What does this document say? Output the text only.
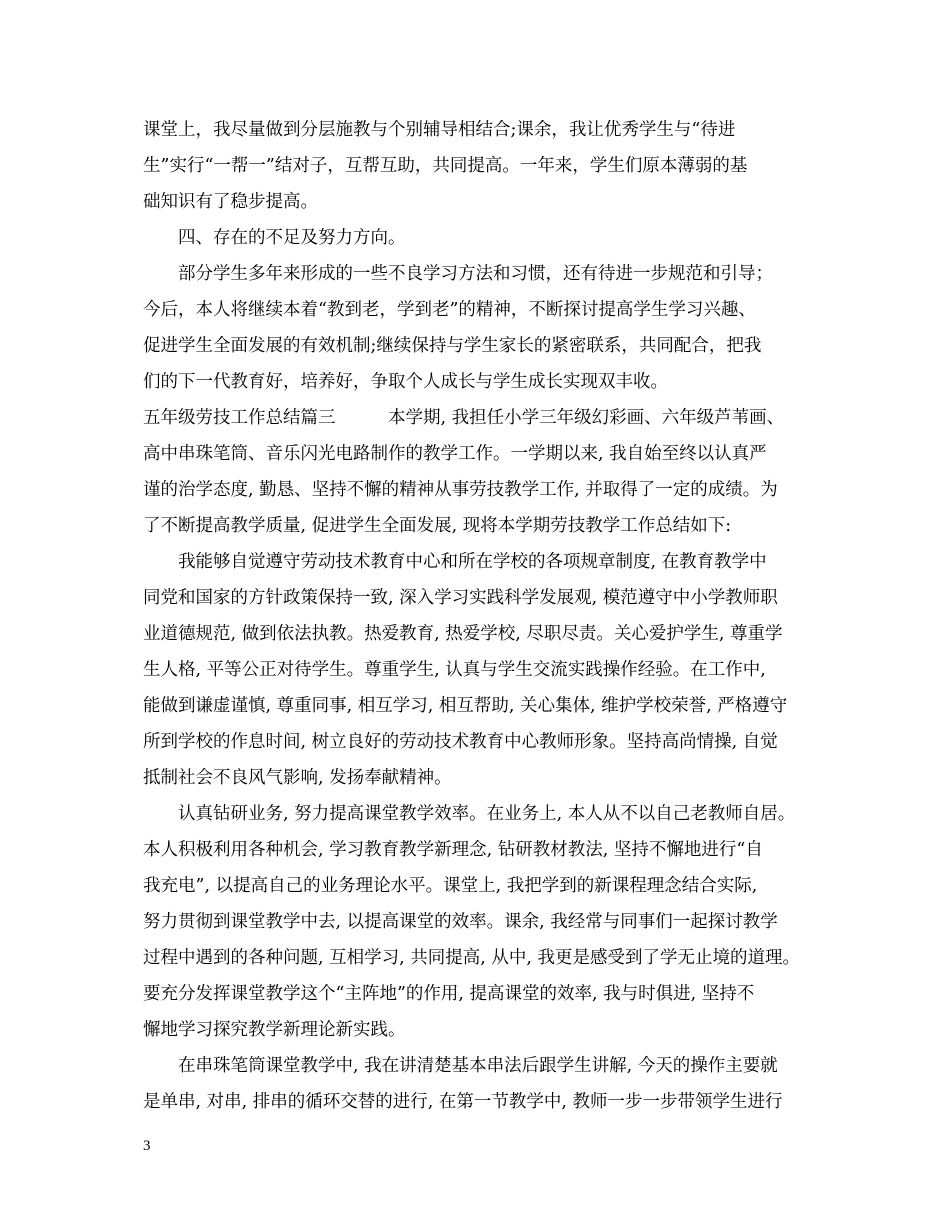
课堂上，我尽量做到分层施教与个别辅导相结合;课余，我让优秀学生与“待进
生”实行“一帮一”结对子，互帮互助，共同提高。一年来，学生们原本薄弱的基
础知识有了稳步提高。
　　四、存在的不足及努力方向。
　　部分学生多年来形成的一些不良学习方法和习惯，还有待进一步规范和引导；
今后，本人将继续本着“教到老，学到老”的精神，不断探讨提高学生学习兴趣、
促进学生全面发展的有效机制;继续保持与学生家长的紧密联系，共同配合，把我
们的下一代教育好，培养好，争取个人成长与学生成长实现双丰收。
五年级劳技工作总结篇三　　　本学期, 我担任小学三年级幻彩画、六年级芦苇画、
高中串珠笔筒、音乐闪光电路制作的教学工作。一学期以来, 我自始至终以认真严
谨的治学态度, 勤恳、坚持不懈的精神从事劳技教学工作, 并取得了一定的成绩。为
了不断提高教学质量, 促进学生全面发展, 现将本学期劳技教学工作总结如下:
　　我能够自觉遵守劳动技术教育中心和所在学校的各项规章制度, 在教育教学中
同党和国家的方针政策保持一致, 深入学习实践科学发展观, 模范遵守中小学教师职
业道德规范, 做到依法执教。热爱教育, 热爱学校, 尽职尽责。关心爱护学生, 尊重学
生人格, 平等公正对待学生。尊重学生, 认真与学生交流实践操作经验。在工作中,
能做到谦虚谨慎, 尊重同事, 相互学习, 相互帮助, 关心集体, 维护学校荣誉, 严格遵守
所到学校的作息时间, 树立良好的劳动技术教育中心教师形象。坚持高尚情操, 自觉
抵制社会不良风气影响, 发扬奉献精神。
　　认真钻研业务, 努力提高课堂教学效率。在业务上, 本人从不以自己老教师自居。
本人积极利用各种机会, 学习教育教学新理念, 钻研教材教法, 坚持不懈地进行“自
我充电”, 以提高自己的业务理论水平。课堂上, 我把学到的新课程理念结合实际,
努力贯彻到课堂教学中去, 以提高课堂的效率。课余, 我经常与同事们一起探讨教学
过程中遇到的各种问题, 互相学习, 共同提高, 从中, 我更是感受到了学无止境的道理。
要充分发挥课堂教学这个“主阵地”的作用, 提高课堂的效率, 我与时俱进, 坚持不
懈地学习探究教学新理论新实践。
　　在串珠笔筒课堂教学中, 我在讲清楚基本串法后跟学生讲解, 今天的操作主要就
是单串, 对串, 排串的循环交替的进行, 在第一节教学中, 教师一步一步带领学生进行
3
